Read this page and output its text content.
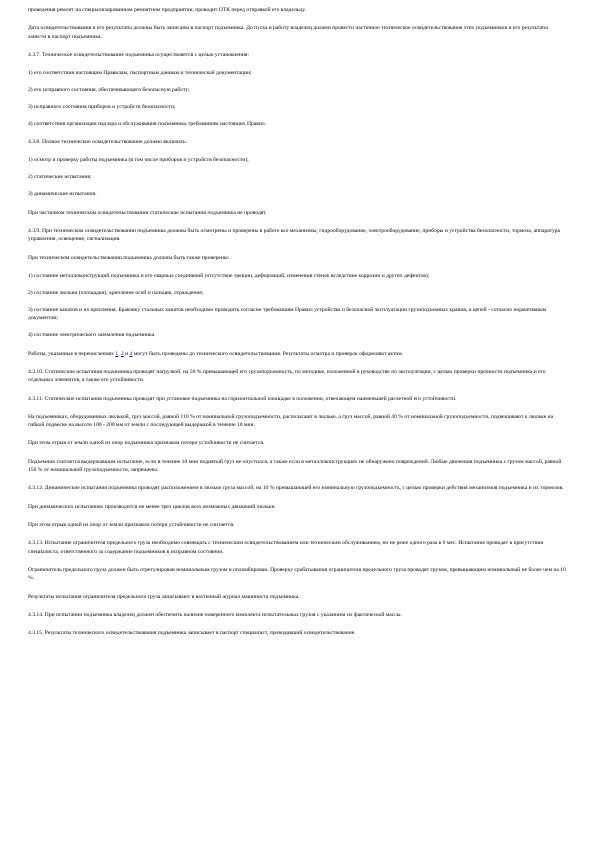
проведения ремонт на специализированном ремонтном предприятии, проводит ОТК перед отправкой его владельцу.

Дата освидетельствования и его результаты должны быть записаны в паспорт подъемника. До пуска в работу владелец должен провести частичное техническое освидетельствование этих подъемников и его результаты занести в паспорт подъемника.

4.3.7. Техническое освидетельствование подъемника осуществляется с целью установления:

1) его соответствия настоящим Правилам, паспортным данным и технической документации;

2) его исправного состояния, обеспечивающего безопасную работу;

3) исправного состояния приборов и устройств безопасности;

4) соответствия организации надзора и обслуживания подъемника требованиям настоящих Правил.

4.3.8. Полное техническое освидетельствование должно включать:

1) осмотр и проверку работы подъемника (в том числе приборов и устройств безопасности);

2) статические испытания;

3) динамические испытания.

При частичном техническом освидетельствовании статические испытания подъемника не проводят.

4.3.9. При техническом освидетельствовании подъемника должны быть осмотрены и проверены в работе все механизмы, гидрооборудование, электрооборудование, приборы и устройства безопасности, тормоза, аппаратура управления, освещение, сигнализация.

При техническом освидетельствовании подъемника должны быть также проверены:

1) состояние металлоконструкций подъемника и его сварных соединений (отсутствие трещин, деформаций, изменения стенок вследствие коррозии и других дефектов);

2) состояние люльки (площадки), крепление осей и пальцев, ограждение;

3) состояние канатов и их крепления. Браковку стальных канатов необходимо проводить согласно требованиям Правил устройства и безопасной эксплуатации грузоподъемных кранов, а цепей - согласно нормативным документам;

4) состояние электрического заземления подъемника.

Работы, указанные в перечислениях 1, 2 и 4 могут быть проведены до технического освидетельствования. Результаты осмотра и проверок оформляют актом.

4.3.10. Статические испытания подъемника проводят нагрузкой, на 50 % превышающей его грузоподъемность, по методике, изложенной в руководстве по эксплуатации, с целью проверки прочности подъемника и его отдельных элементов, а также его устойчивости.

4.3.11. Статические испытания подъемника проводят при установке подъемника на горизонтальной площадке в положении, отвечающем наименьшей расчетной его устойчивости.

На подъемниках, оборудованных люлькой, груз массой, равной 110 % от номинальной грузоподъемности, располагают в люльке, а груз массой, равной 40 % от номинальной грузоподъемности, подвешивают к люльке на гибкой подвеске на высоте 100 - 200 мм от земли с последующей выдержкой в течение 10 мин.

При этом отрыв от земли одной из опор подъемника признаком потери устойчивости не считается.

Подъемник считается выдержавшим испытание, если в течение 10 мин поднятый груз не опустился, а также если в металлоконструкциях не обнаружено повреждений. Любые движения подъемника с грузом массой, равной 150 % от номинальной грузоподъемности, запрещены.

4.3.12. Динамические испытания подъемника проводят расположением в люльке груза массой, на 10 % превышающей его номинальную грузоподъемность, с целью проверки действия механизмов подъемника и их тормозов.

При динамических испытаниях производится не менее трех циклов всех возможных движений люльки.

При этом отрыв одной из опор от земли признаком потери устойчивости не считается.

4.3.13. Испытание ограничителя предельного груза необходимо совмещать с техническим освидетельствованием или техническим обслуживанием, но не реже одного раза в 6 мес. Испытание проводят в присутствии специалиста, ответственного за содержание подъемников в исправном состоянии.

Ограничитель предельного груза должен быть отрегулирован номинальным грузом и опломбирован. Проверку срабатывания ограничителя предельного груза проводят грузом, превышающим номинальный не более чем на 10 %.

Результаты испытания ограничителя предельного груза записывают в вахтенный журнал машиниста подъемника.

4.3.14. При испытании подъемника владелец должен обеспечить наличие поверенного комплекта испытательных грузов с указанием их фактической массы.

4.3.15. Результаты технического освидетельствования подъемника записывает в паспорт специалист, проводивший освидетельствование.
